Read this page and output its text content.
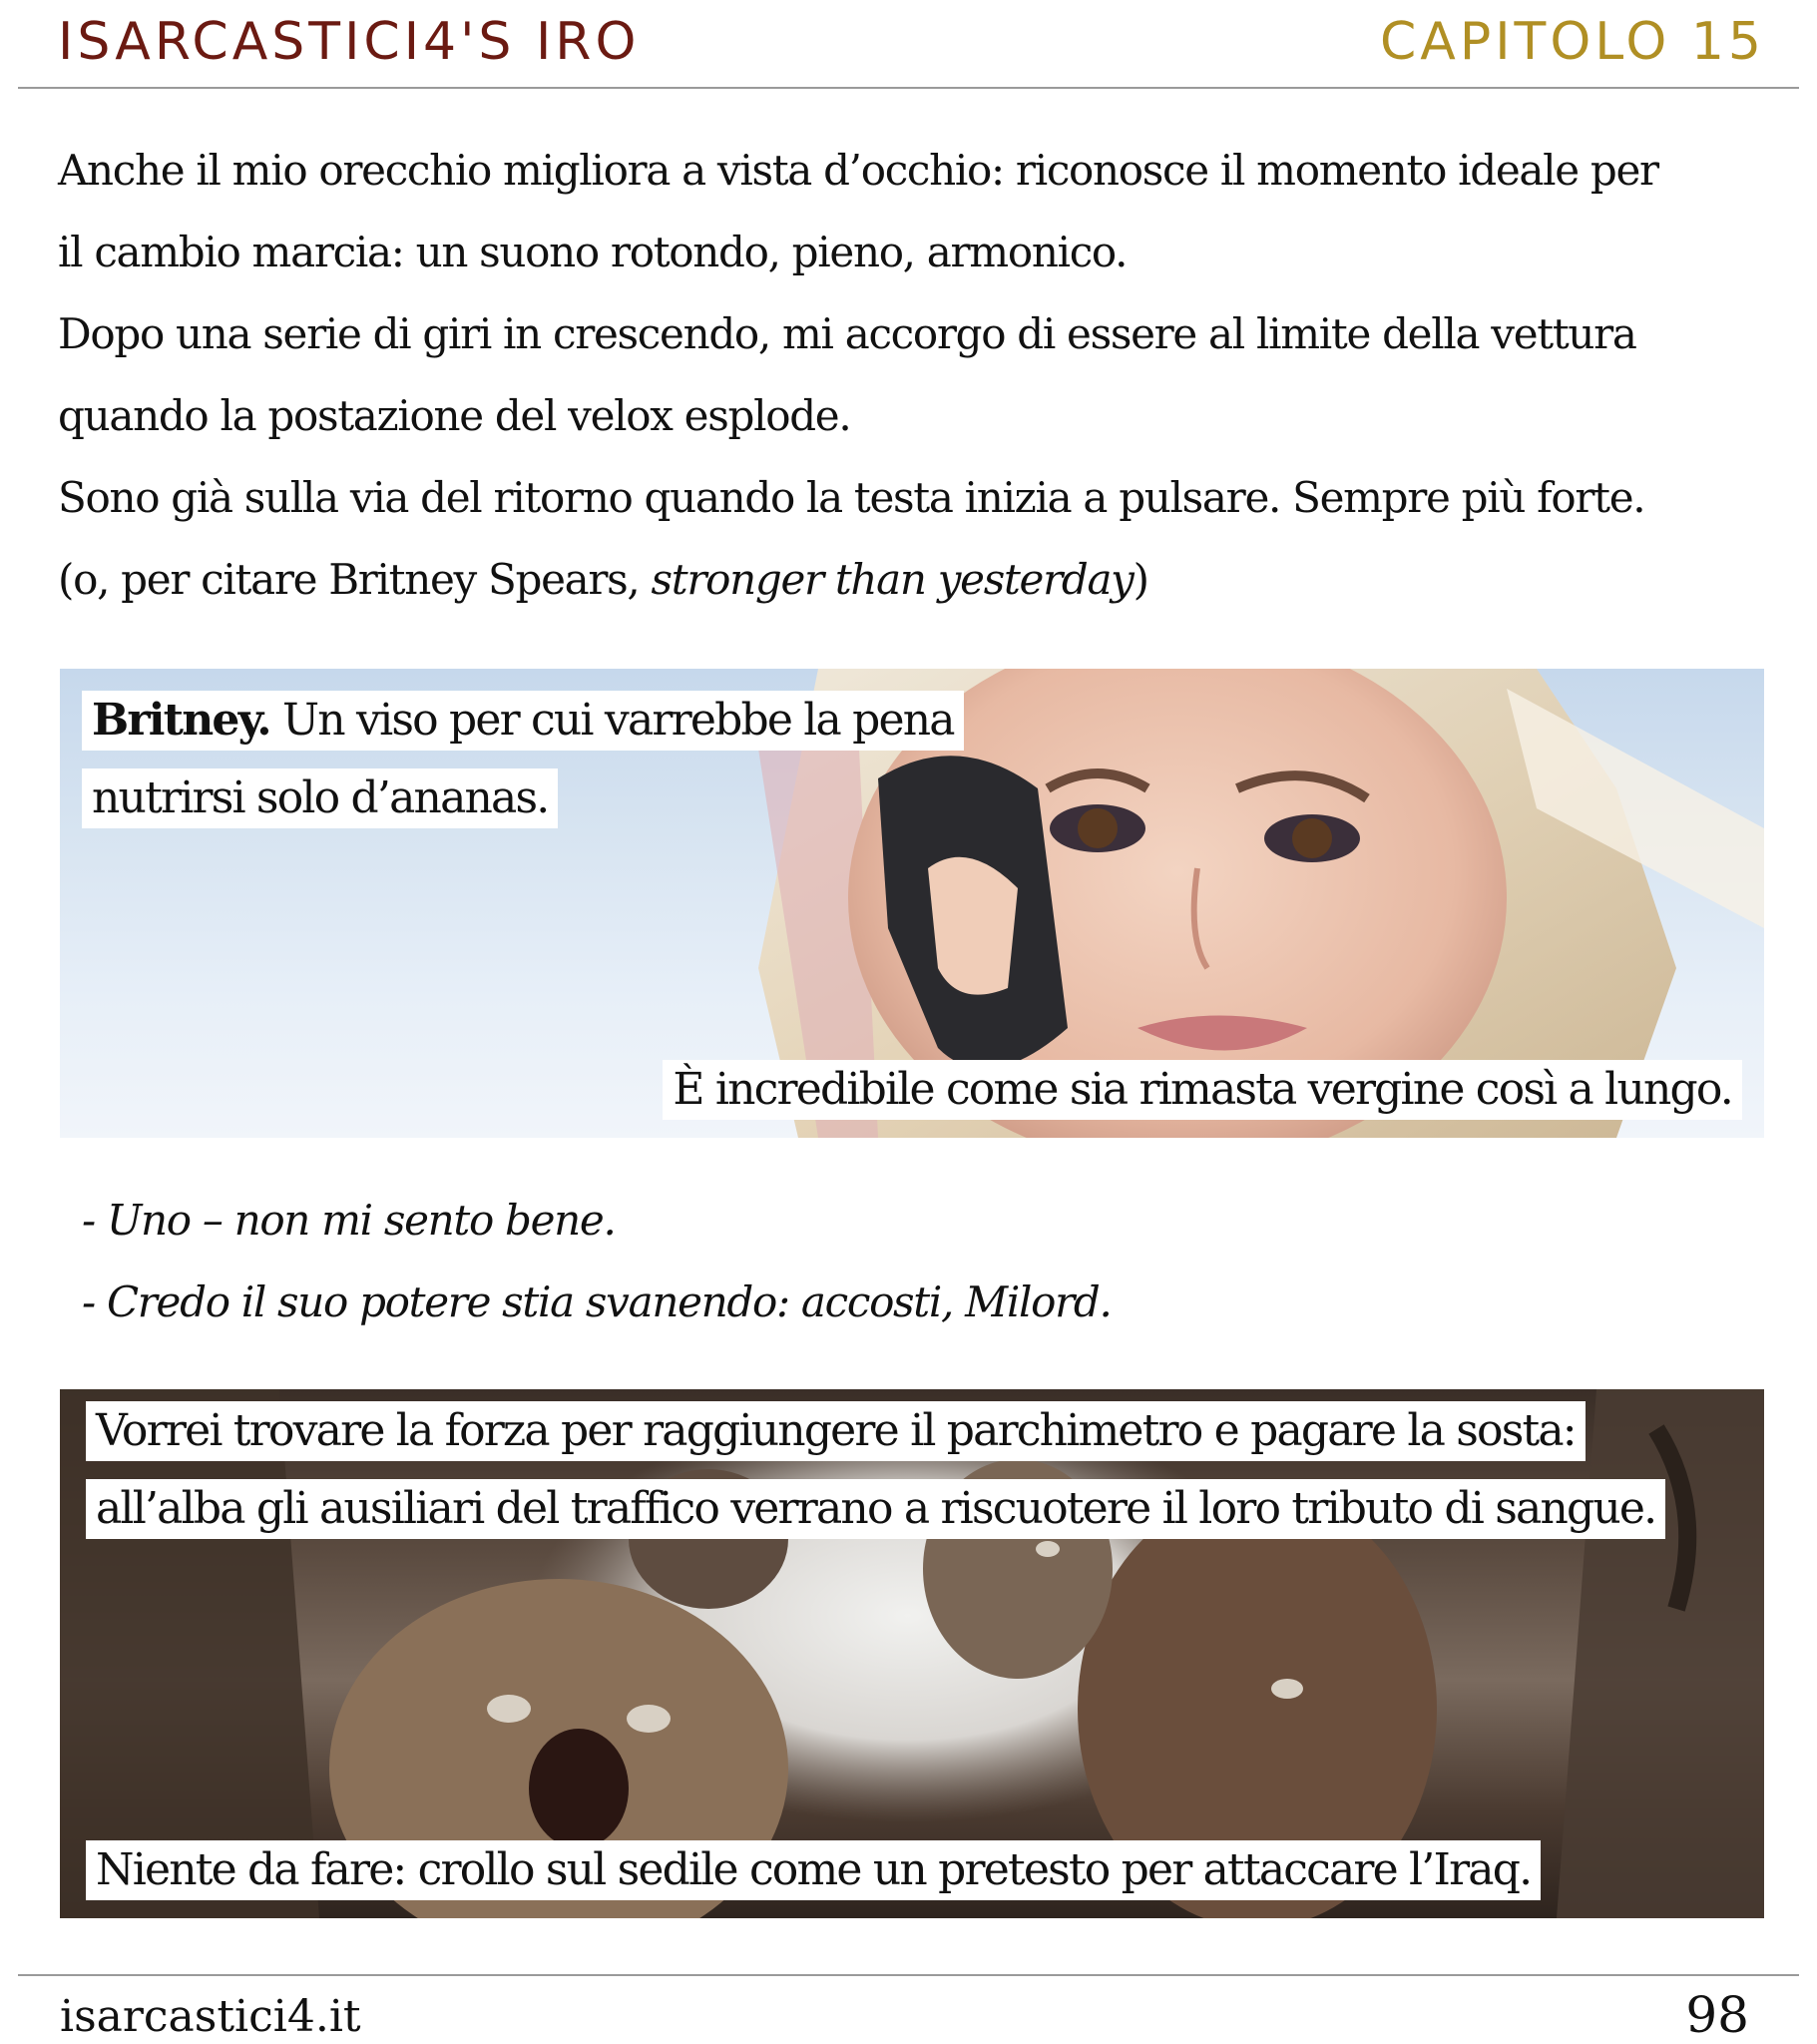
ISARCASTICI4'S IRO	CAPITOLO 15

Anche il mio orecchio migliora a vista d’occhio: riconosce il momento ideale per

il cambio marcia: un suono rotondo, pieno, armonico.

Dopo una serie di giri in crescendo, mi accorgo di essere al limite della vettura

quando la postazione del velox esplode.

Sono già sulla via del ritorno quando la testa inizia a pulsare. Sempre più forte.

(o, per citare Britney Spears, stronger than yesterday)

Britney. Un viso per cui varrebbe la pena
nutrirsi solo d’ananas.
È incredibile come sia rimasta vergine così a lungo.

- Uno – non mi sento bene.

- Credo il suo potere stia svanendo: accosti, Milord.

Vorrei trovare la forza per raggiungere il parchimetro e pagare la sosta:
all’alba gli ausiliari del traffico verrano a riscuotere il loro tributo di sangue.
Niente da fare: crollo sul sedile come un pretesto per attaccare l’Iraq.
isarcastici4.it	98
